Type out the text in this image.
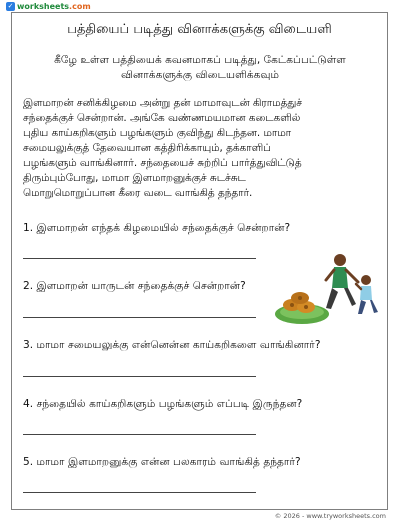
✓ worksheets .com
பத்தியைப் படித்து வினாக்களுக்கு விடையளி
கீழே உள்ள பத்தியைக் கவனமாகப் படித்து, கேட்கப்பட்டுள்ள
வினாக்களுக்கு விடையளிக்கவும்
இளமாறன் சனிக்கிழமை அன்று தன் மாமாவுடன் கிராமத்துச்
சந்தைக்குச் சென்றான். அங்கே வண்ணமயமான கடைகளில்
புதிய காய்கறிகளும் பழங்களும் குவிந்து கிடந்தன. மாமா
சமையலுக்குத் தேவையான கத்திரிக்காயும், தக்காளிப்
பழங்களும் வாங்கினார். சந்தையைச் சுற்றிப் பார்த்துவிட்டுத்
திரும்பும்போது, மாமா இளமாறனுக்குச் சுடச்சுட
மொறுமொறுப்பான கீரை வடை வாங்கித் தந்தார்.
1. இளமாறன் எந்தக் கிழமையில் சந்தைக்குச் சென்றான்?
2. இளமாறன் யாருடன் சந்தைக்குச் சென்றான்?
3. மாமா சமையலுக்கு என்னென்ன காய்கறிகளை வாங்கினார்?
4. சந்தையில் காய்கறிகளும் பழங்களும் எப்படி இருந்தன?
5. மாமா இளமாறனுக்கு என்ன பலகாரம் வாங்கித் தந்தார்?
© 2026 - www.tryworksheets.com
